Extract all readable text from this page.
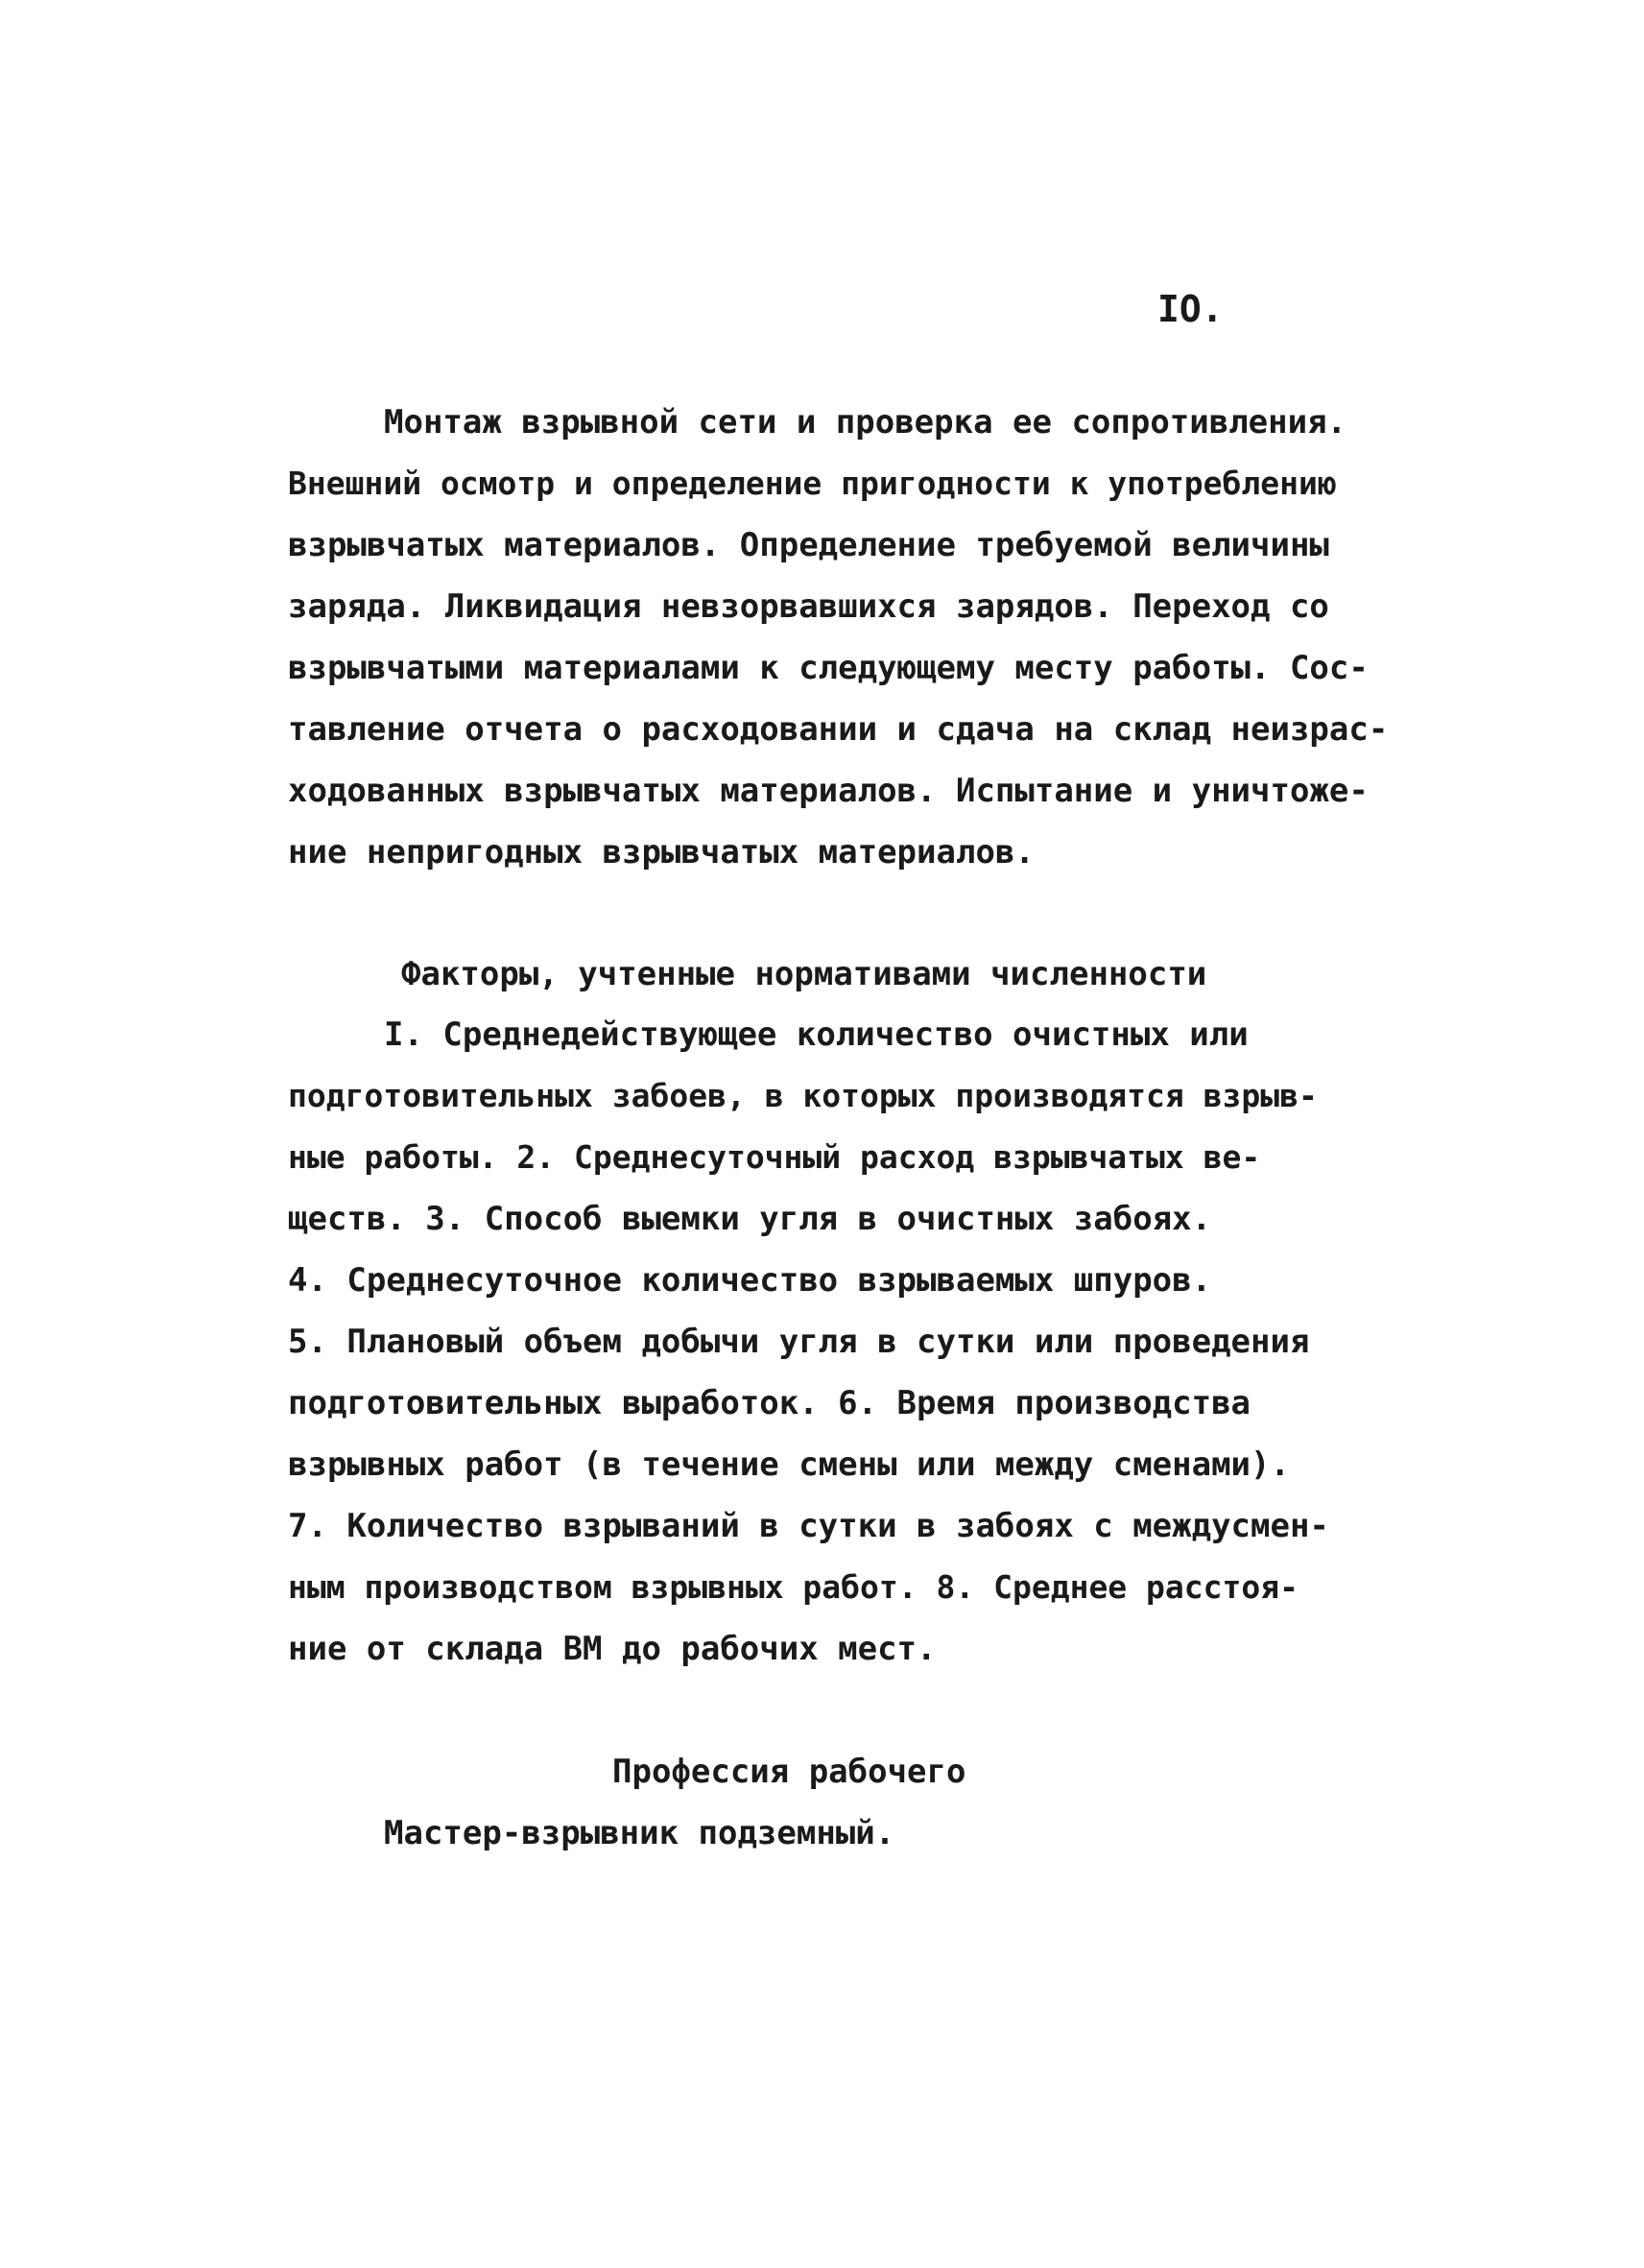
IO.
Монтаж взрывной сети и проверка ее сопротивления.
Внешний осмотр и определение пригодности к употреблению
взрывчатых материалов. Определение требуемой величины
заряда. Ликвидация невзорвавшихся зарядов. Переход со
взрывчатыми материалами к следующему месту работы. Сос-
тавление отчета о расходовании и сдача на склад неизрас-
ходованных взрывчатых материалов. Испытание и уничтоже-
ние непригодных взрывчатых материалов.
Факторы, учтенные нормативами численности
I. Среднедействующее количество очистных или
подготовительных забоев, в которых производятся взрыв-
ные работы. 2. Среднесуточный расход взрывчатых ве-
ществ. 3. Способ выемки угля в очистных забоях.
4. Среднесуточное количество взрываемых шпуров.
5. Плановый объем добычи угля в сутки или проведения
подготовительных выработок. 6. Время производства
взрывных работ (в течение смены или между сменами).
7. Количество взрываний в сутки в забоях с междусмен-
ным производством взрывных работ. 8. Среднее расстоя-
ние от склада ВМ до рабочих мест.
Профессия рабочего
Мастер-взрывник подземный.
